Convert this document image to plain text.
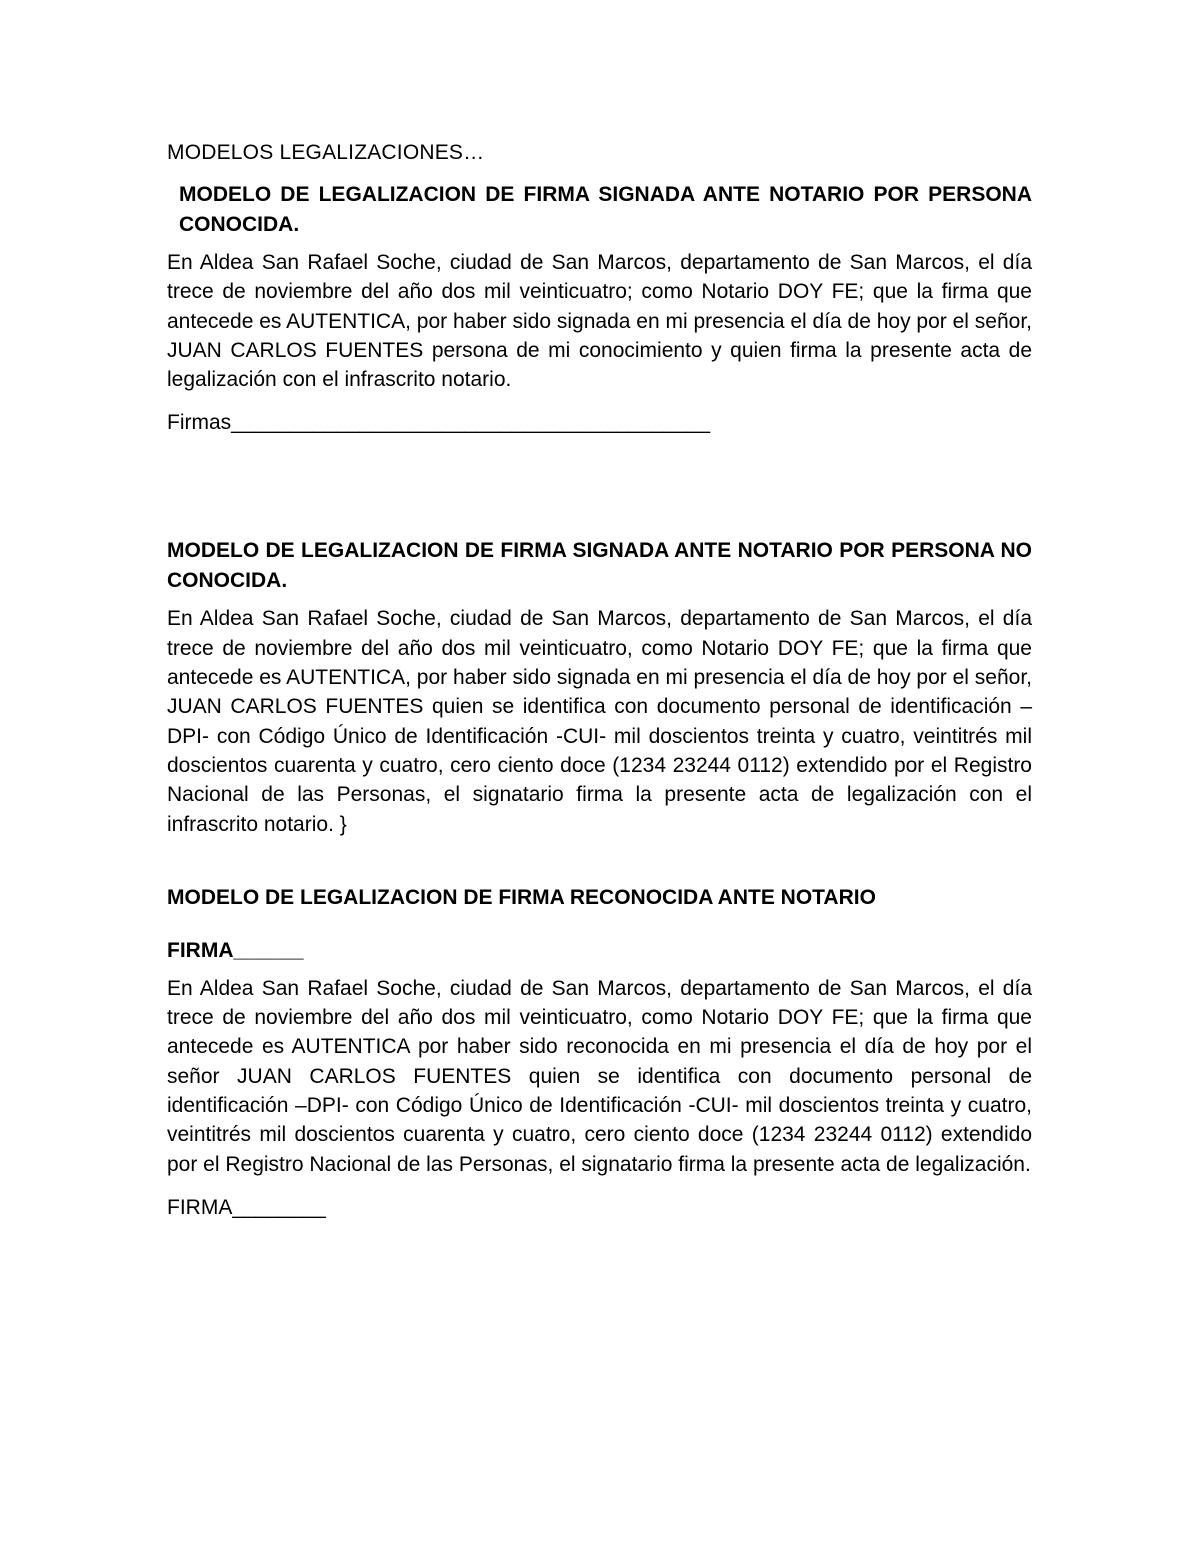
MODELOS LEGALIZACIONES…

MODELO DE LEGALIZACION DE FIRMA SIGNADA ANTE NOTARIO POR PERSONA CONOCIDA.

En Aldea San Rafael Soche, ciudad de San Marcos, departamento de San Marcos, el día trece de noviembre del año dos mil veinticuatro; como Notario DOY FE; que la firma que antecede es AUTENTICA, por haber sido signada en mi presencia el día de hoy por el señor, JUAN CARLOS FUENTES persona de mi conocimiento y quien firma la presente acta de legalización con el infrascrito notario.

Firmas_________________________________________

MODELO DE LEGALIZACION DE FIRMA SIGNADA ANTE NOTARIO POR PERSONA NO CONOCIDA.

En Aldea San Rafael Soche, ciudad de San Marcos, departamento de San Marcos, el día trece de noviembre del año dos mil veinticuatro, como Notario DOY FE; que la firma que antecede es AUTENTICA, por haber sido signada en mi presencia el día de hoy por el señor, JUAN CARLOS FUENTES quien se identifica con documento personal de identificación –DPI- con Código Único de Identificación -CUI- mil doscientos treinta y cuatro, veintitrés mil doscientos cuarenta y cuatro, cero ciento doce (1234 23244 0112) extendido por el Registro Nacional de las Personas, el signatario firma la presente acta de legalización con el infrascrito notario. }

MODELO DE LEGALIZACION DE FIRMA RECONOCIDA ANTE NOTARIO

FIRMA______

En Aldea San Rafael Soche, ciudad de San Marcos, departamento de San Marcos, el día trece de noviembre del año dos mil veinticuatro, como Notario DOY FE; que la firma que antecede es AUTENTICA por haber sido reconocida en mi presencia el día de hoy por el señor JUAN CARLOS FUENTES quien se identifica con documento personal de identificación –DPI- con Código Único de Identificación -CUI- mil doscientos treinta y cuatro, veintitrés mil doscientos cuarenta y cuatro, cero ciento doce (1234 23244 0112) extendido por el Registro Nacional de las Personas, el signatario firma la presente acta de legalización.

FIRMA________
